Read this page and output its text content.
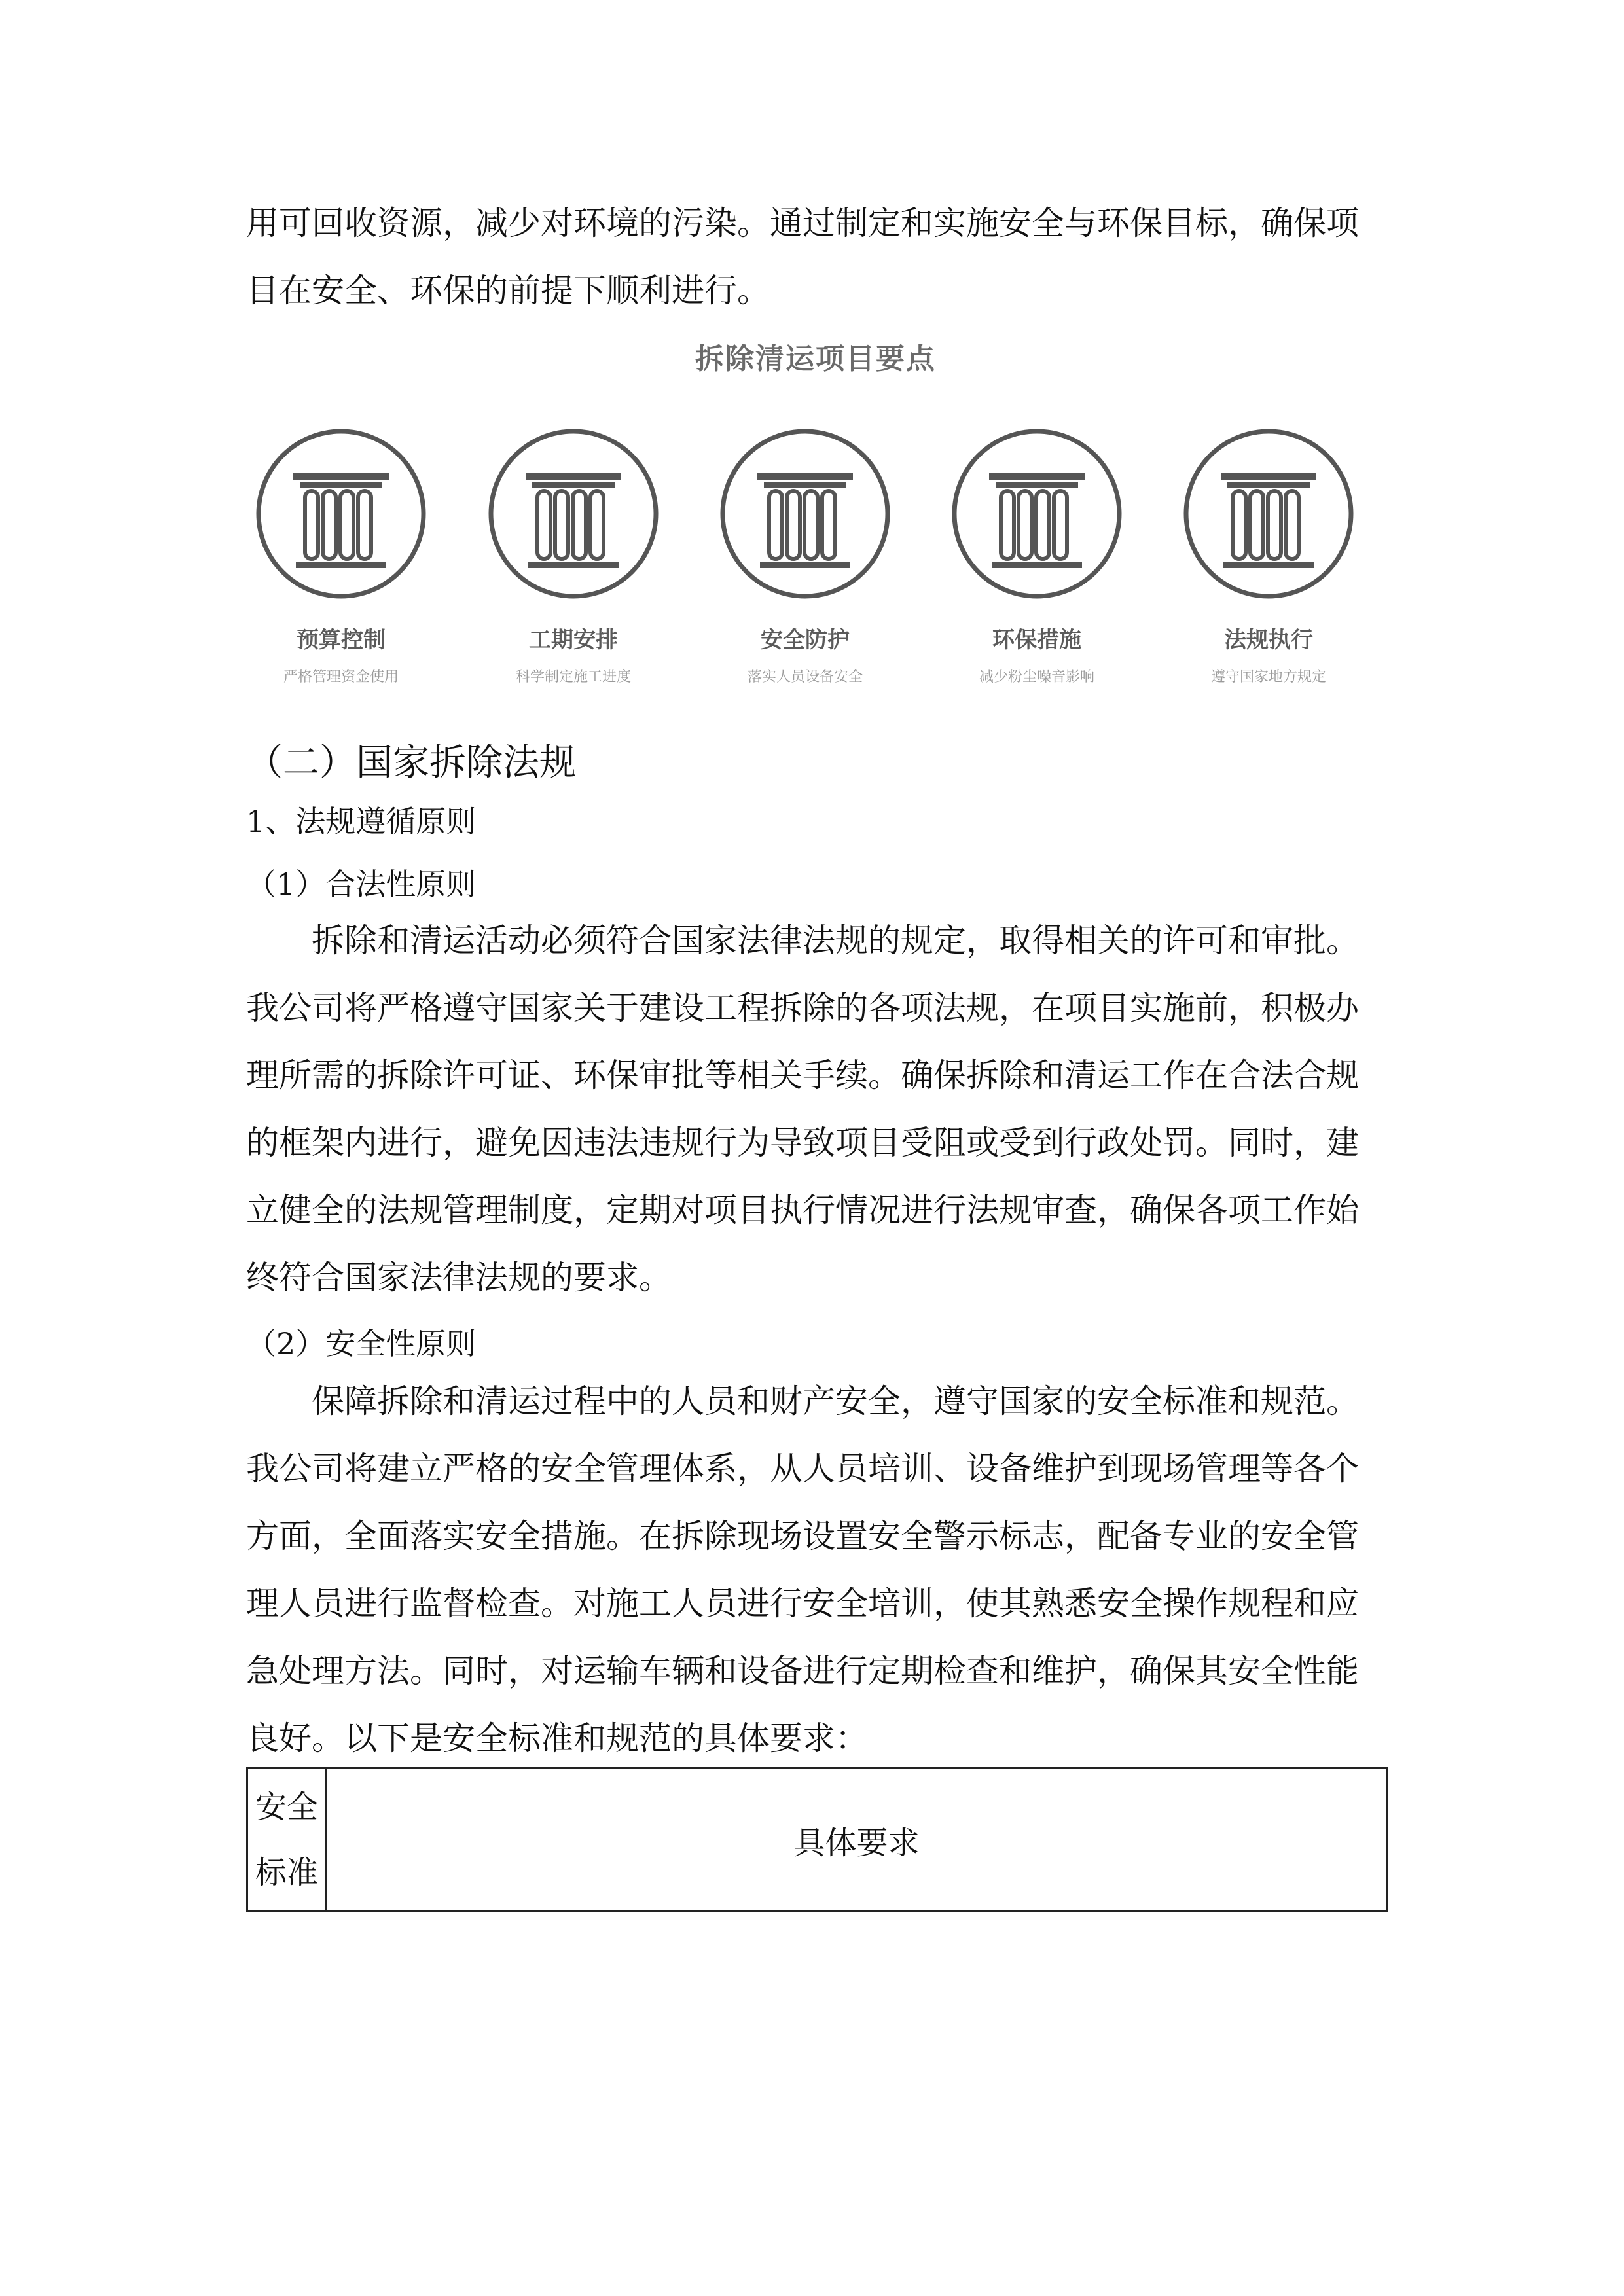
用可回收资源，减少对环境的污染。通过制定和实施安全与环保目标，确保项

目在安全、环保的前提下顺利进行。

拆除清运项目要点
预算控制
严格管理资金使用
工期安排
科学制定施工进度
安全防护
落实人员设备安全
环保措施
减少粉尘噪音影响
法规执行
遵守国家地方规定

（二）国家拆除法规

1、法规遵循原则

（1）合法性原则

拆除和清运活动必须符合国家法律法规的规定，取得相关的许可和审批。

我公司将严格遵守国家关于建设工程拆除的各项法规，在项目实施前，积极办

理所需的拆除许可证、环保审批等相关手续。确保拆除和清运工作在合法合规

的框架内进行，避免因违法违规行为导致项目受阻或受到行政处罚。同时，建

立健全的法规管理制度，定期对项目执行情况进行法规审查，确保各项工作始

终符合国家法律法规的要求。

（2）安全性原则

保障拆除和清运过程中的人员和财产安全，遵守国家的安全标准和规范。

我公司将建立严格的安全管理体系，从人员培训、设备维护到现场管理等各个

方面，全面落实安全措施。在拆除现场设置安全警示标志，配备专业的安全管

理人员进行监督检查。对施工人员进行安全培训，使其熟悉安全操作规程和应

急处理方法。同时，对运输车辆和设备进行定期检查和维护，确保其安全性能

良好。以下是安全标准和规范的具体要求：

安全
标准
	具体要求
